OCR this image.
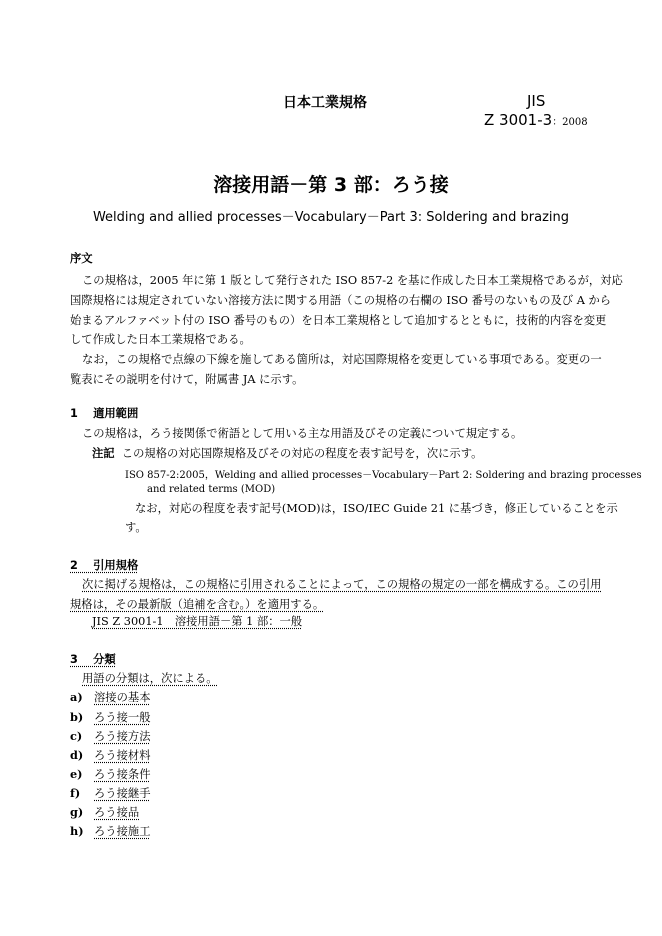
日本工業規格	JIS
Z 3001-3：2008
溶接用語－第 3 部：ろう接
Welding and allied processes－Vocabulary－Part 3: Soldering and brazing
序文
この規格は，2005 年に第 1 版として発行された ISO 857-2 を基に作成した日本工業規格であるが，対応
国際規格には規定されていない溶接方法に関する用語（この規格の右欄の ISO 番号のないもの及び A から
始まるアルファベット付の ISO 番号のもの）を日本工業規格として追加するとともに，技術的内容を変更
して作成した日本工業規格である。
なお，この規格で点線の下線を施してある箇所は，対応国際規格を変更している事項である。変更の一
覧表にその説明を付けて，附属書 JA に示す。
1　 適用範囲
この規格は，ろう接関係で術語として用いる主な用語及びその定義について規定する。
注記 この規格の対応国際規格及びその対応の程度を表す記号を，次に示す。
ISO 857-2:2005，Welding and allied processes－Vocabulary－Part 2: Soldering and brazing processes
and related terms (MOD)
なお，対応の程度を表す記号(MOD)は，ISO/IEC Guide 21 に基づき，修正していることを示
す。
2　 引用規格
次に掲げる規格は，この規格に引用されることによって，この規格の規定の一部を構成する。この引用
規格は，その最新版（追補を含む。）を適用する。
JIS Z 3001-1　溶接用語－第 1 部：一般
3　 分類
用語の分類は，次による。
a) 溶接の基本
b) ろう接一般
c) ろう接方法
d) ろう接材料
e) ろう接条件
f) ろう接継手
g) ろう接品
h) ろう接施工
